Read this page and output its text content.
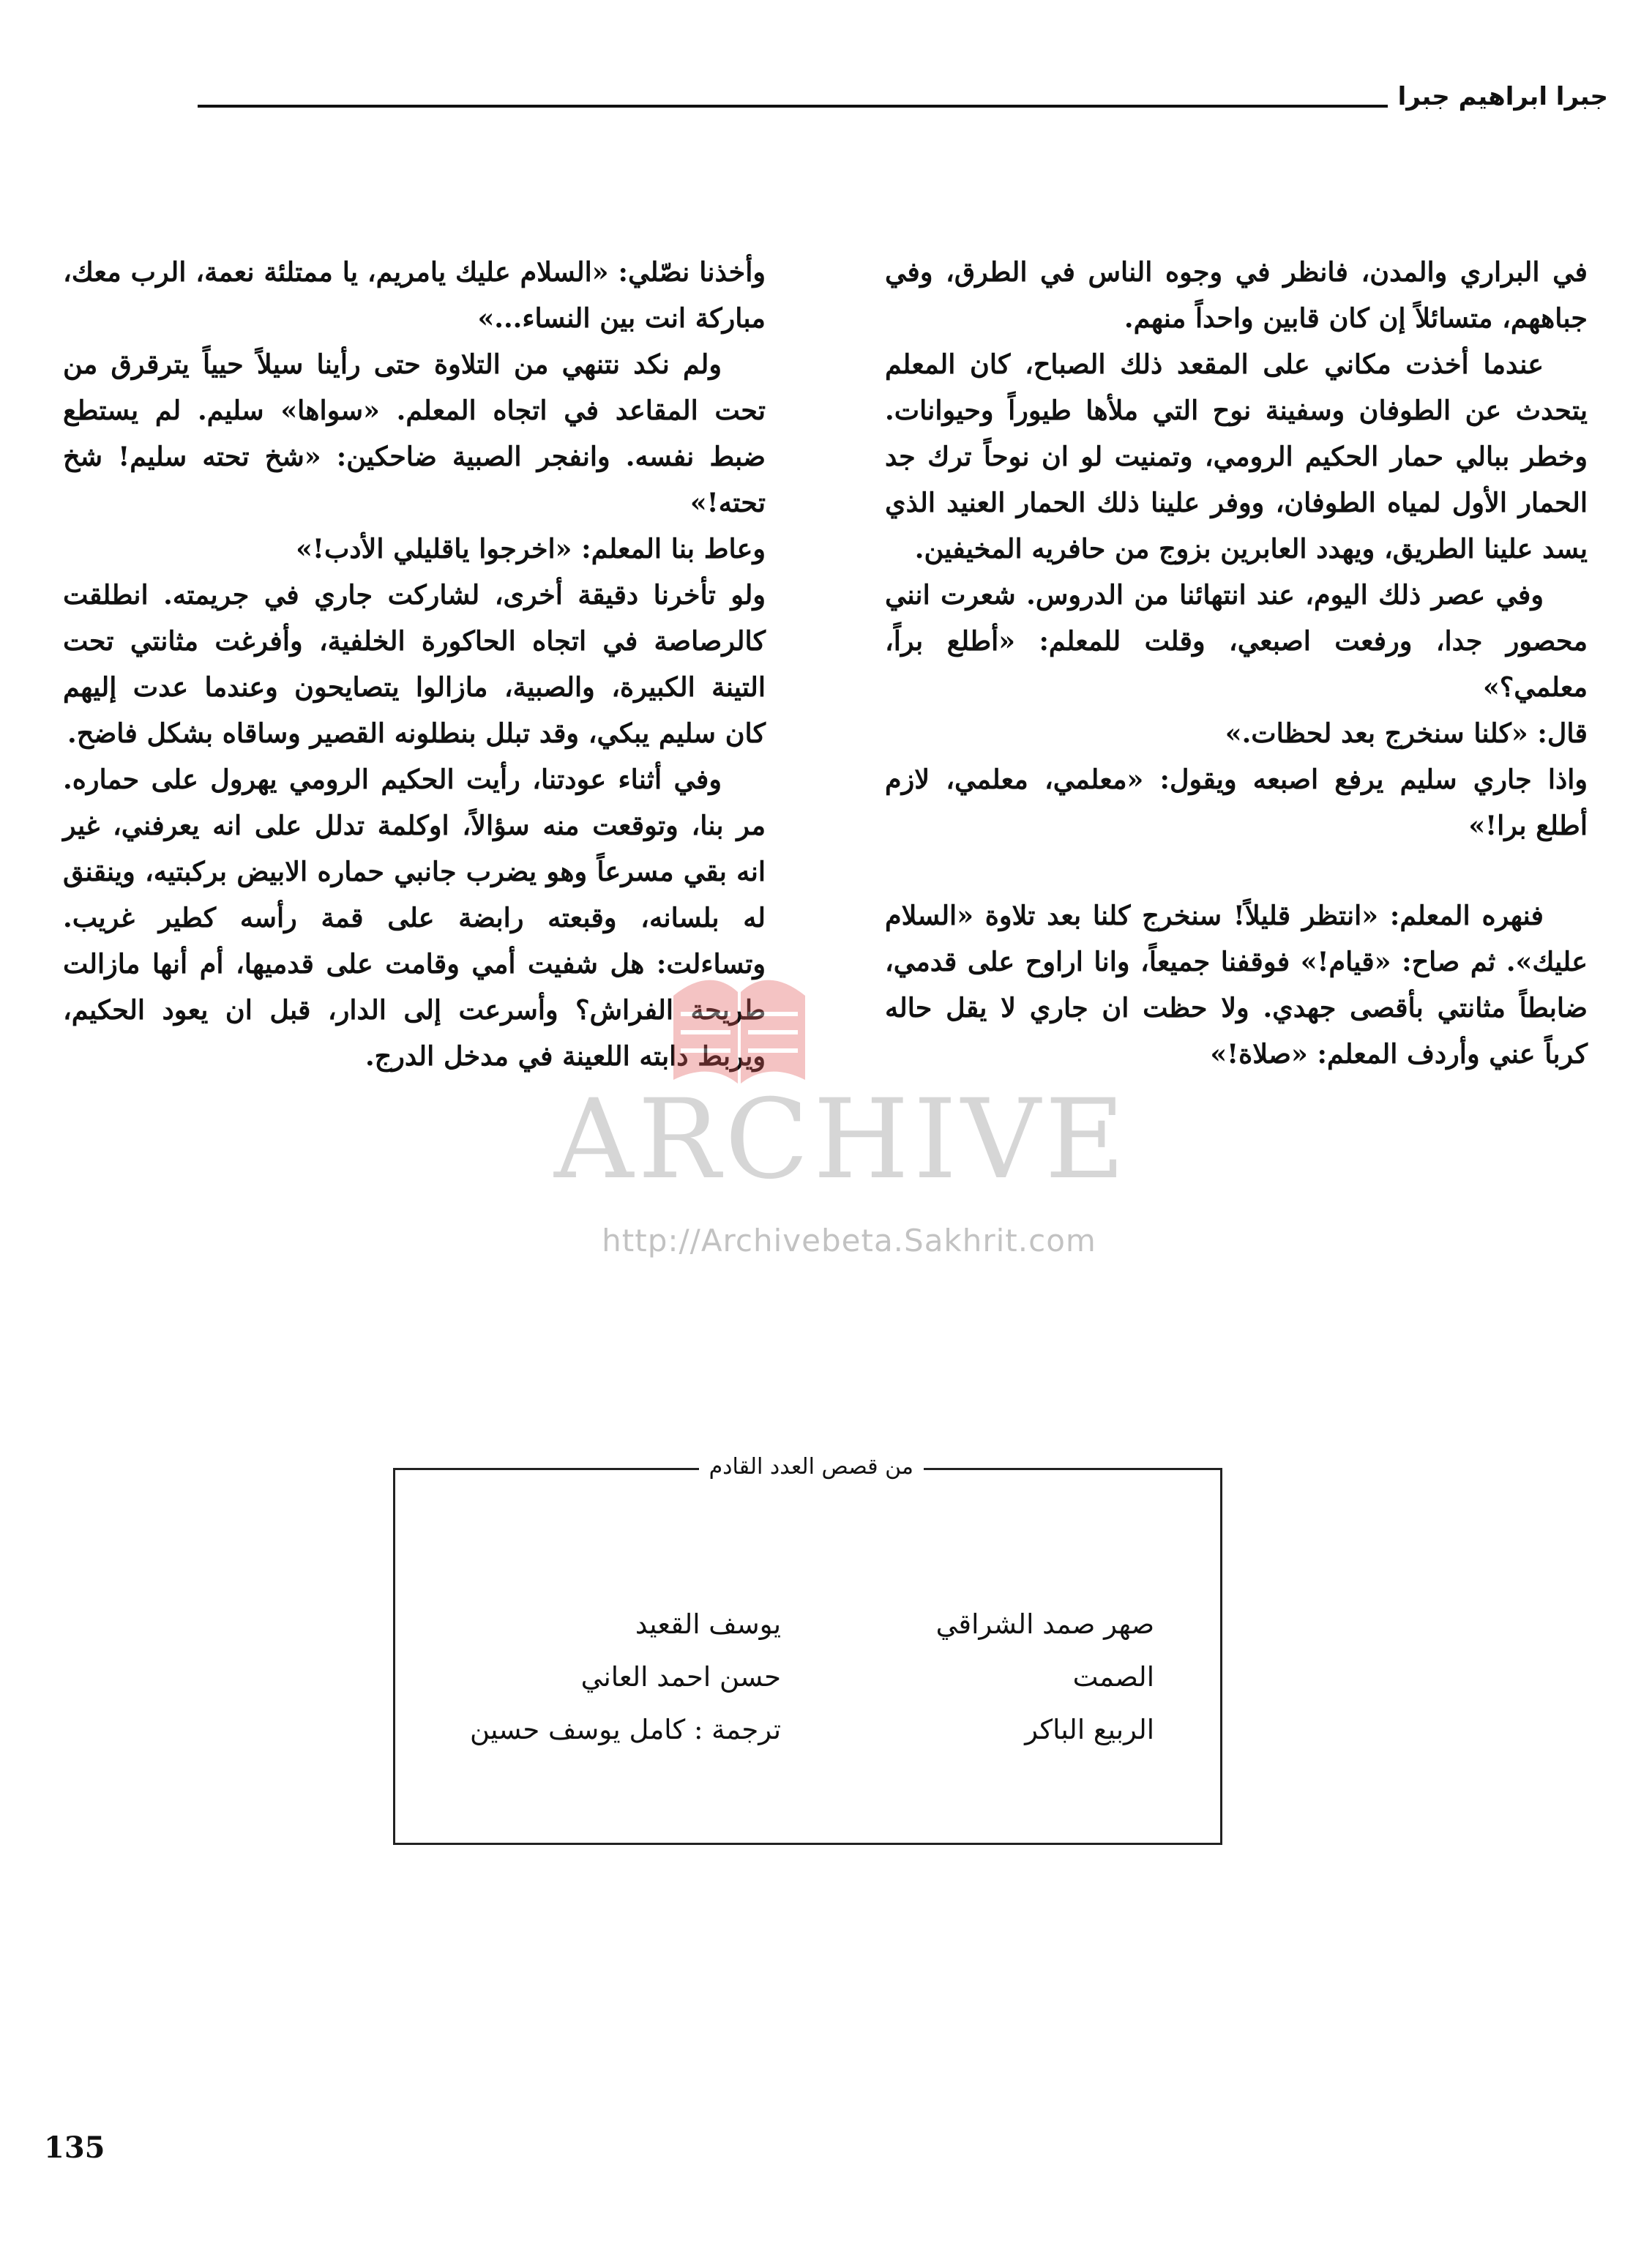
جبرا ابراهيم جبرا

في البراري والمدن، فانظر في وجوه الناس في الطرق، وفي جباههم، متسائلاً إن كان قابين واحداً منهم.

عندما أخذت مكاني على المقعد ذلك الصباح، كان المعلم يتحدث عن الطوفان وسفينة نوح التي ملأها طيوراً وحيوانات. وخطر ببالي حمار الحكيم الرومي، وتمنيت لو ان نوحاً ترك جد الحمار الأول لمياه الطوفان، ووفر علينا ذلك الحمار العنيد الذي يسد علينا الطريق، ويهدد العابرين بزوج من حافريه المخيفين.

وفي عصر ذلك اليوم، عند انتهائنا من الدروس. شعرت انني محصور جدا، ورفعت اصبعي، وقلت للمعلم: «أطلع براً، معلمي؟»

قال: «كلنا سنخرج بعد لحظات.»

واذا جاري سليم يرفع اصبعه ويقول: «معلمي، معلمي، لازم أطلع برا!»

فنهره المعلم: «انتظر قليلاً! سنخرج كلنا بعد تلاوة «السلام عليك». ثم صاح: «قيام!» فوقفنا جميعاً، وانا اراوح على قدمي، ضابطاً مثانتي بأقصى جهدي. ولا حظت ان جاري لا يقل حاله كرباً عني وأردف المعلم: «صلاة!»

وأخذنا نصّلي: «السلام عليك يامريم، يا ممتلئة نعمة، الرب معك، مباركة انت بين النساء...»

ولم نكد نتنهي من التلاوة حتى رأينا سيلاً حيياً يترقرق من تحت المقاعد في اتجاه المعلم. «سواها» سليم. لم يستطع ضبط نفسه. وانفجر الصبية ضاحكين: «شخ تحته سليم! شخ تحته!»

وعاط بنا المعلم: «اخرجوا ياقليلي الأدب!»

ولو تأخرنا دقيقة أخرى، لشاركت جاري في جريمته. انطلقت كالرصاصة في اتجاه الحاكورة الخلفية، وأفرغت مثانتي تحت التينة الكبيرة، والصبية، مازالوا يتصايحون وعندما عدت إليهم كان سليم يبكي، وقد تبلل بنطلونه القصير وساقاه بشكل فاضح.

وفي أثناء عودتنا، رأيت الحكيم الرومي يهرول على حماره. مر بنا، وتوقعت منه سؤالاً، اوكلمة تدلل على انه يعرفني، غير انه بقي مسرعاً وهو يضرب جانبي حماره الابيض بركبتيه، وينقنق له بلسانه، وقبعته رابضة على قمة رأسه كطير غريب. وتساءلت: هل شفيت أمي وقامت على قدميها، أم أنها مازالت طريحة الفراش؟ وأسرعت إلى الدار، قبل ان يعود الحكيم، ويربط دابته اللعينة في مدخل الدرج.

ARCHIVE
http://Archivebeta.Sakhrit.com
من قصص العدد القادم
صهر صمد الشراقي
الصمت
الربيع الباكر
يوسف القعيد
حسن احمد العاني
ترجمة : كامل يوسف حسين
135
